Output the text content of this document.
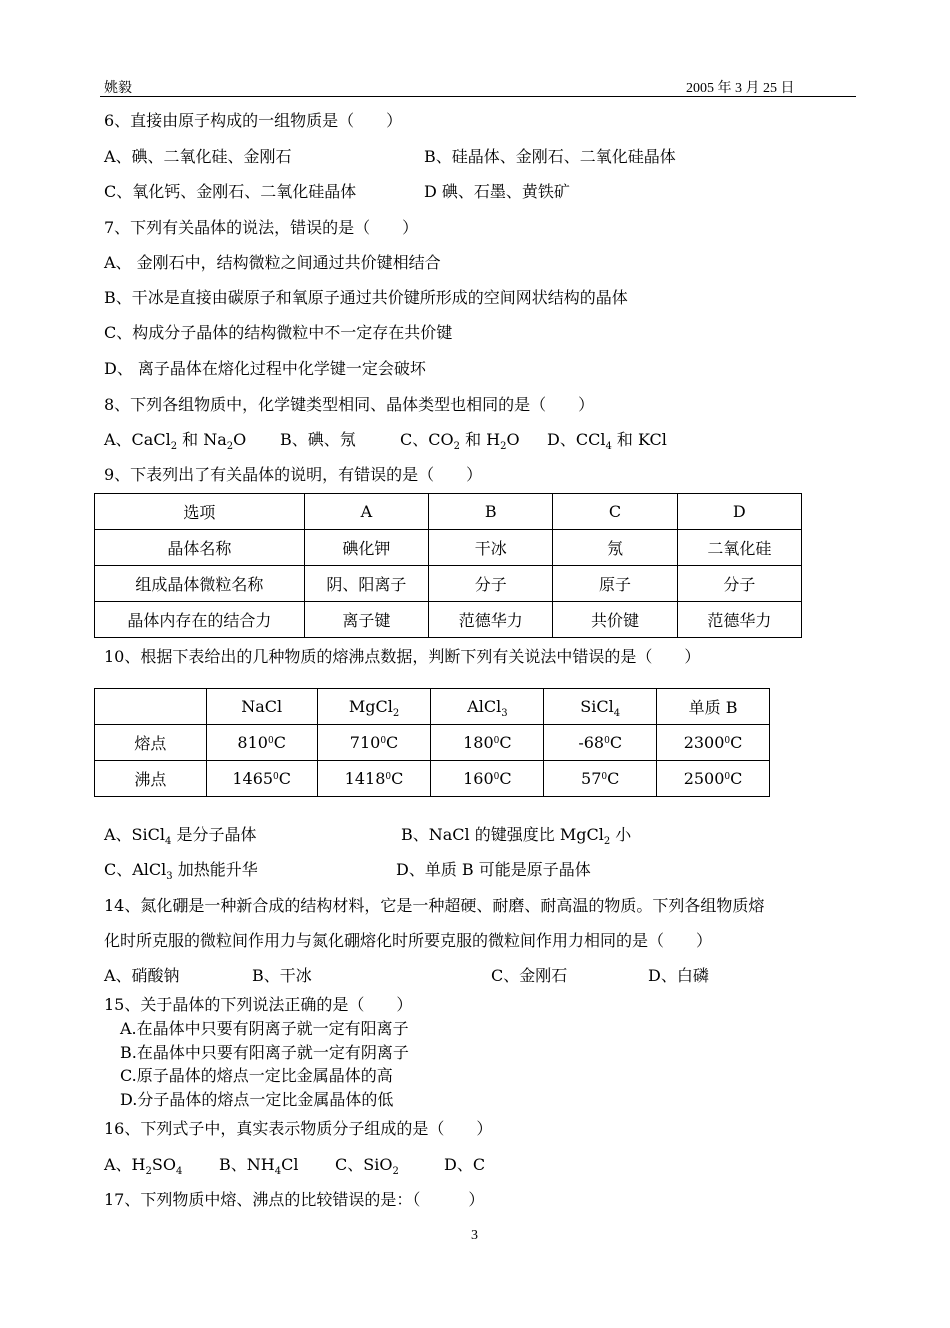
姚毅	2005 年 3 月 25 日
6、直接由原子构成的一组物质是（　　）
A、碘、二氧化硅、金刚石	B、硅晶体、金刚石、二氧化硅晶体
C、氧化钙、金刚石、二氧化硅晶体	D 碘、石墨、黄铁矿
7、下列有关晶体的说法，错误的是（　　）
A、 金刚石中，结构微粒之间通过共价键相结合
B、干冰是直接由碳原子和氧原子通过共价键所形成的空间网状结构的晶体
C、构成分子晶体的结构微粒中不一定存在共价键
D、 离子晶体在熔化过程中化学键一定会破坏
8、下列各组物质中，化学键类型相同、晶体类型也相同的是（　　）
A、CaCl$_2$ 和 $Na_2O$ B、碘、氖	C、$CO_2$ 和 $H_2O$ D、CCl$_4$ 和 KCl
9、下表列出了有关晶体的说明，有错误的是（　　）
选项	A	B	C	D
晶体名称	碘化钾	干冰	氖	二氧化硅
组成晶体微粒名称	阴、阳离子	分子	原子	分子
晶体内存在的结合力	离子键	范德华力	共价键	范德华力
10、根据下表给出的几种物质的熔沸点数据，判断下列有关说法中错误的是（　　）
	NaCl	MgCl$_2$	AlCl$_3$	SiCl$_4$	单质 B
熔点	$810^0C$	$710^0C$	$180^0C$	$-68^0C$	2300$^0$C
沸点	1465$^0$C	1418$^0$C	$160^0C$	$57^0C$	2500$^0$C
A、SiCl$_4$ 是分子晶体	B、NaCl 的键强度比 MgCl$_2$ 小
C、AlCl$_3$ 加热能升华	D、单质 B 可能是原子晶体
14、氮化硼是一种新合成的结构材料，它是一种超硬、耐磨、耐高温的物质。下列各组物质熔
化时所克服的微粒间作用力与氮化硼熔化时所要克服的微粒间作用力相同的是（　　）
A、硝酸钠	B、干冰	C、金刚石	D、白磷
15、关于晶体的下列说法正确的是（　　）
A.在晶体中只要有阴离子就一定有阳离子
B.在晶体中只要有阳离子就一定有阴离子
C.原子晶体的熔点一定比金属晶体的高
D.分子晶体的熔点一定比金属晶体的低
16、下列式子中，真实表示物质分子组成的是（　　）
A、$H_2SO_4$ B、$NH_4Cl$ C、SiO$_2$	D、C
17、下列物质中熔、沸点的比较错误的是：（　　　）
3
